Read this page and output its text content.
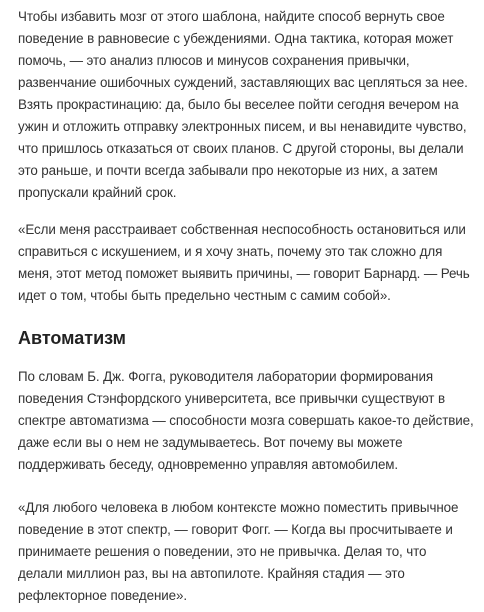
Чтобы избавить мозг от этого шаблона, найдите способ вернуть свое поведение в равновесие с убеждениями. Одна тактика, которая может помочь, — это анализ плюсов и минусов сохранения привычки, развенчание ошибочных суждений, заставляющих вас цепляться за нее. Взять прокрастинацию: да, было бы веселее пойти сегодня вечером на ужин и отложить отправку электронных писем, и вы ненавидите чувство, что пришлось отказаться от своих планов. С другой стороны, вы делали это раньше, и почти всегда забывали про некоторые из них, а затем пропускали крайний срок.

«Если меня расстраивает собственная неспособность остановиться или справиться с искушением, и я хочу знать, почему это так сложно для меня, этот метод поможет выявить причины, — говорит Барнард. — Речь идет о том, чтобы быть предельно честным с самим собой».

Автоматизм

По словам Б. Дж. Фогга, руководителя лаборатории формирования поведения Стэнфордского университета, все привычки существуют в спектре автоматизма — способности мозга совершать какое-то действие, даже если вы о нем не задумываетесь. Вот почему вы можете поддерживать беседу, одновременно управляя автомобилем.

«Для любого человека в любом контексте можно поместить привычное поведение в этот спектр, — говорит Фогг. — Когда вы просчитываете и принимаете решения о поведении, это не привычка. Делая то, что делали миллион раз, вы на автопилоте. Крайняя стадия — это рефлекторное поведение».
